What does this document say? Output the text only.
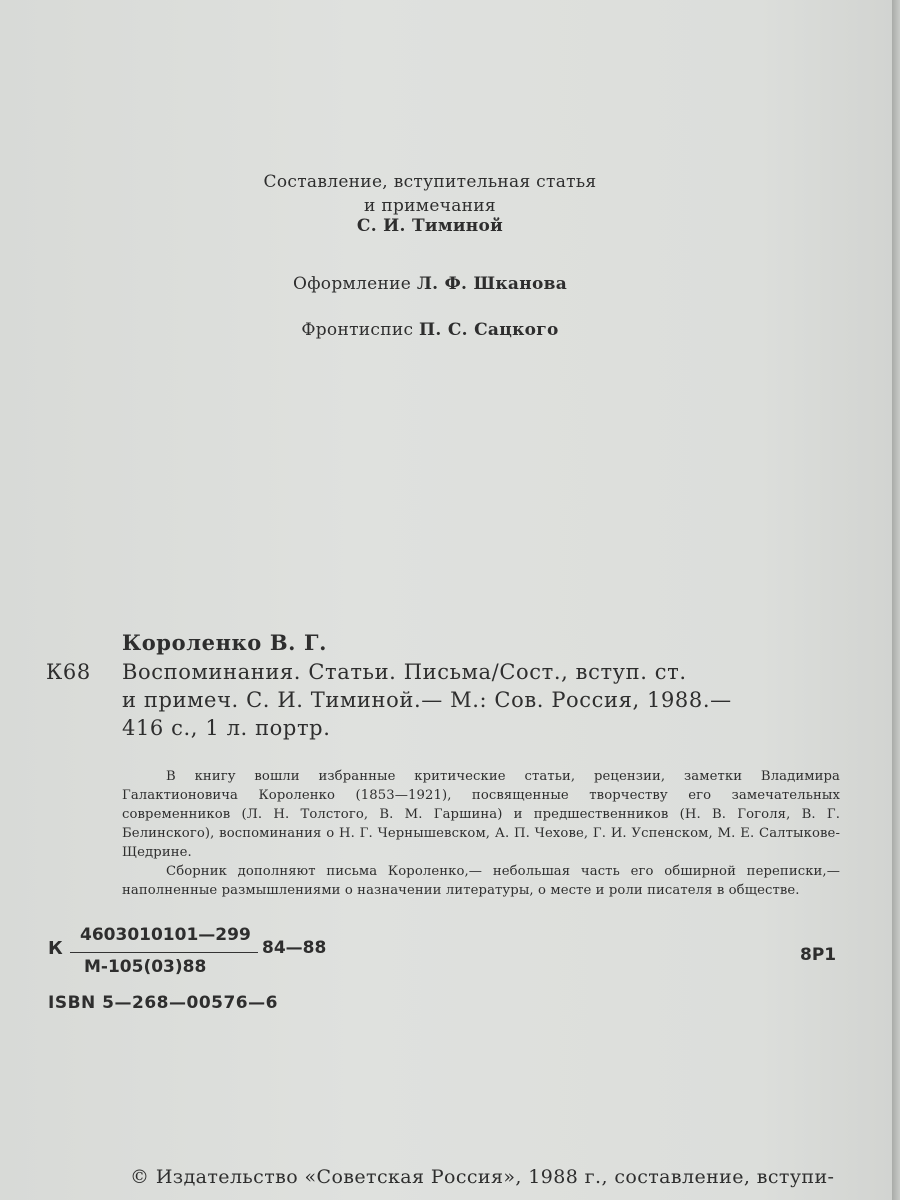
Составление, вступительная статья
и примечания
С. И. Тиминой
Оформление Л. Ф. Шканова
Фронтиспис П. С. Сацкого
Короленко В. Г.
К68 Воспоминания. Статьи. Письма/Сост., вступ. ст.
и примеч. С. И. Тиминой.— М.: Сов. Россия, 1988.—
416 с., 1 л. портр.

В книгу вошли избранные критические статьи, рецензии, заметки Владимира Галактионовича Короленко (1853—1921), посвященные творчеству его замечательных современников (Л. Н. Толстого, В. М. Гаршина) и предшественников (Н. В. Гоголя, В. Г. Белинского), воспоминания о Н. Г. Чернышевском, А. П. Чехове, Г. И. Успенском, М. Е. Салтыкове-Щедрине.

Сборник дополняют письма Короленко,— небольшая часть его обширной переписки,— наполненные размышлениями о назначении литературы, о месте и роли писателя в обществе.

К
4603010101—299
М-105(03)88
84—88	8Р1
ISBN 5—268—00576—6
© Издательство «Советская Россия», 1988 г., составление, вступи-
